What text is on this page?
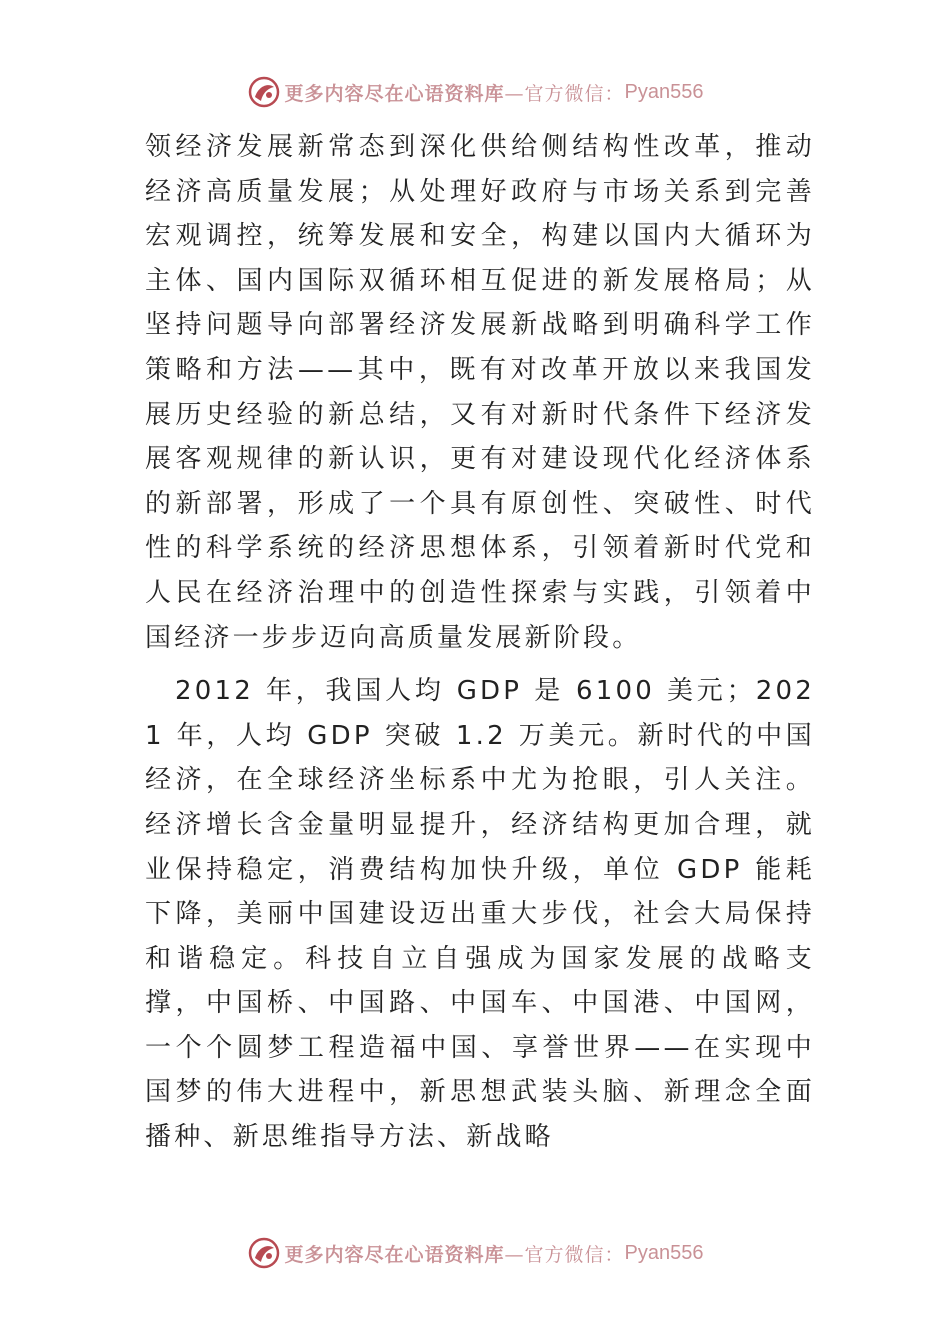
更多内容尽在心语资料库 —官方微信： Pyan556

领经济发展新常态到深化供给侧结构性改革，推动经济高质量发展；从处理好政府与市场关系到完善宏观调控，统筹发展和安全，构建以国内大循环为主体、国内国际双循环相互促进的新发展格局；从坚持问题导向部署经济发展新战略到明确科学工作策略和方法——其中，既有对改革开放以来我国发展历史经验的新总结，又有对新时代条件下经济发展客观规律的新认识，更有对建设现代化经济体系的新部署，形成了一个具有原创性、突破性、时代性的科学系统的经济思想体系，引领着新时代党和人民在经济治理中的创造性探索与实践，引领着中国经济一步步迈向高质量发展新阶段。

2012 年，我国人均 GDP 是 6100 美元；2021 年，人均 GDP 突破 1.2 万美元。新时代的中国经济，在全球经济坐标系中尤为抢眼，引人关注。经济增长含金量明显提升，经济结构更加合理，就业保持稳定，消费结构加快升级，单位 GDP 能耗下降，美丽中国建设迈出重大步伐，社会大局保持和谐稳定。科技自立自强成为国家发展的战略支撑，中国桥、中国路、中国车、中国港、中国网，一个个圆梦工程造福中国、享誉世界——在实现中国梦的伟大进程中，新思想武装头脑、新理念全面播种、新思维指导方法、新战略

更多内容尽在心语资料库 —官方微信： Pyan556
